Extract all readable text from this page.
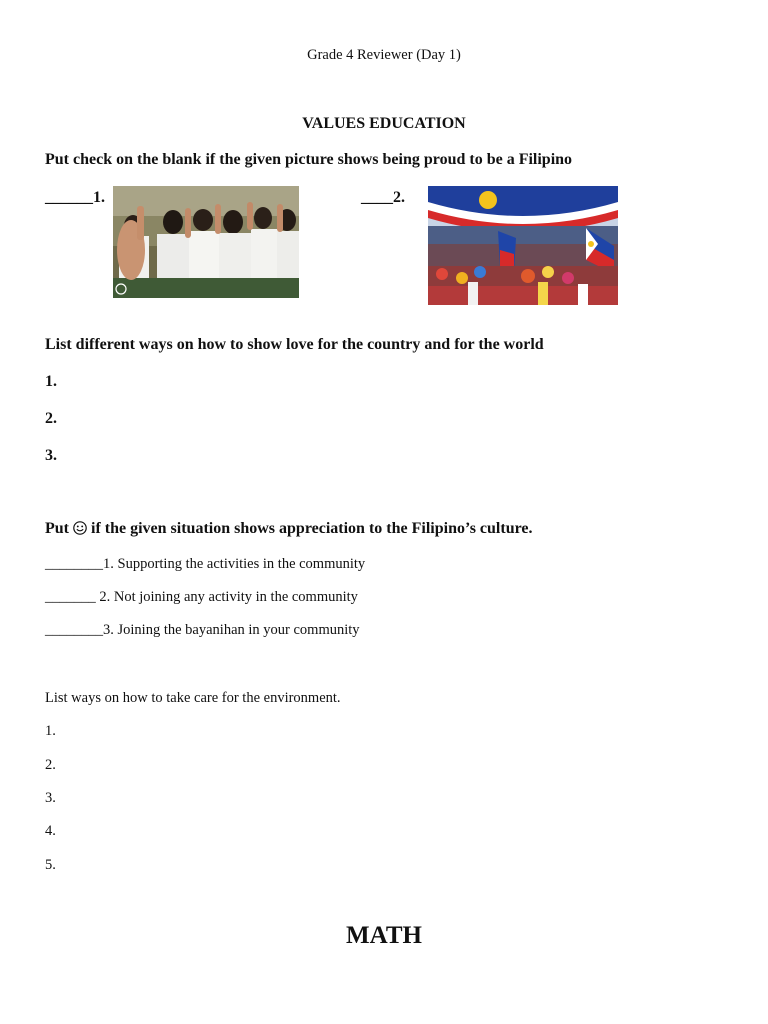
Grade 4 Reviewer (Day 1)
VALUES EDUCATION
Put check on the blank if the given picture shows being proud to be a Filipino
______1.	____2.
List different ways on how to show love for the country and for the world
1.
2.
3.
Put  if the given situation shows appreciation to the Filipino’s culture.
________1. Supporting the activities in the community
_______ 2. Not joining any activity in the community
________3. Joining the bayanihan in your community
List ways on how to take care for the environment.
1.
2.
3.
4.
5.
MATH
